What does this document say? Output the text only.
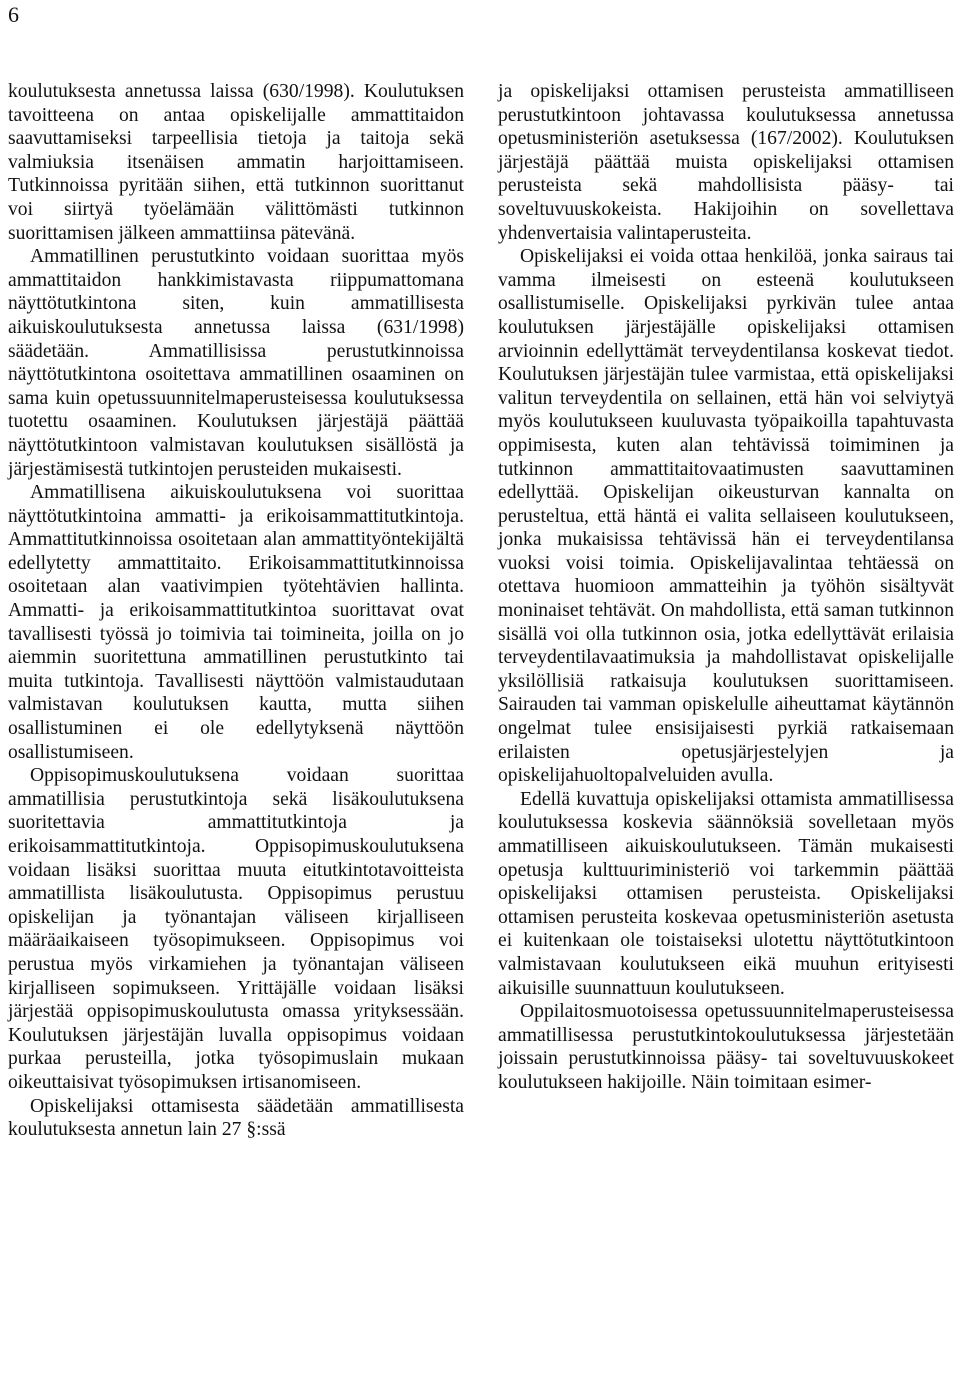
6

koulutuksesta annetussa laissa (630/1998). Koulutuksen tavoitteena on antaa opiskelijalle ammattitaidon saavuttamiseksi tarpeellisia tietoja ja taitoja sekä valmiuksia itsenäisen ammatin harjoittamiseen. Tutkinnoissa pyritään siihen, että tutkinnon suorittanut voi siirtyä työelämään välittömästi tutkinnon suorittamisen jälkeen ammattiinsa pätevänä.

Ammatillinen perustutkinto voidaan suorittaa myös ammattitaidon hankkimistavasta riippumattomana näyttötutkintona siten, kuin ammatillisesta aikuiskoulutuksesta annetussa laissa (631/1998) säädetään. Ammatillisissa perustutkinnoissa näyttötutkintona osoitettava ammatillinen osaaminen on sama kuin opetussuunnitelmaperusteisessa koulutuksessa tuotettu osaaminen. Koulutuksen järjestäjä päättää näyttötutkintoon valmistavan koulutuksen sisällöstä ja järjestämisestä tutkintojen perusteiden mukaisesti.

Ammatillisena aikuiskoulutuksena voi suorittaa näyttötutkintoina ammatti- ja erikoisammattitutkintoja. Ammattitutkinnoissa osoitetaan alan ammattityöntekijältä edellytetty ammattitaito. Erikoisammattitutkinnoissa osoitetaan alan vaativimpien työtehtävien hallinta. Ammatti- ja erikoisammattitutkintoa suorittavat ovat tavallisesti työssä jo toimivia tai toimineita, joilla on jo aiemmin suoritettuna ammatillinen perustutkinto tai muita tutkintoja. Tavallisesti näyttöön valmistaudutaan valmistavan koulutuksen kautta, mutta siihen osallistuminen ei ole edellytyksenä näyttöön osallistumiseen.

Oppisopimuskoulutuksena voidaan suorittaa ammatillisia perustutkintoja sekä lisäkoulutuksena suoritettavia ammattitutkintoja ja erikoisammattitutkintoja. Oppisopimuskoulutuksena voidaan lisäksi suorittaa muuta eitutkintotavoitteista ammatillista lisäkoulutusta. Oppisopimus perustuu opiskelijan ja työnantajan väliseen kirjalliseen määräaikaiseen työsopimukseen. Oppisopimus voi perustua myös virkamiehen ja työnantajan väliseen kirjalliseen sopimukseen. Yrittäjälle voidaan lisäksi järjestää oppisopimuskoulutusta omassa yrityksessään. Koulutuksen järjestäjän luvalla oppisopimus voidaan purkaa perusteilla, jotka työsopimuslain mukaan oikeuttaisivat työsopimuksen irtisanomiseen.

Opiskelijaksi ottamisesta säädetään ammatillisesta koulutuksesta annetun lain 27 §:ssä

ja opiskelijaksi ottamisen perusteista ammatilliseen perustutkintoon johtavassa koulutuksessa annetussa opetusministeriön asetuksessa (167/2002). Koulutuksen järjestäjä päättää muista opiskelijaksi ottamisen perusteista sekä mahdollisista pääsy- tai soveltuvuuskokeista. Hakijoihin on sovellettava yhdenvertaisia valintaperusteita.

Opiskelijaksi ei voida ottaa henkilöä, jonka sairaus tai vamma ilmeisesti on esteenä koulutukseen osallistumiselle. Opiskelijaksi pyrkivän tulee antaa koulutuksen järjestäjälle opiskelijaksi ottamisen arvioinnin edellyttämät terveydentilansa koskevat tiedot. Koulutuksen järjestäjän tulee varmistaa, että opiskelijaksi valitun terveydentila on sellainen, että hän voi selviytyä myös koulutukseen kuuluvasta työpaikoilla tapahtuvasta oppimisesta, kuten alan tehtävissä toimiminen ja tutkinnon ammattitaitovaatimusten saavuttaminen edellyttää. Opiskelijan oikeusturvan kannalta on perusteltua, että häntä ei valita sellaiseen koulutukseen, jonka mukaisissa tehtävissä hän ei terveydentilansa vuoksi voisi toimia. Opiskelijavalintaa tehtäessä on otettava huomioon ammatteihin ja työhön sisältyvät moninaiset tehtävät. On mahdollista, että saman tutkinnon sisällä voi olla tutkinnon osia, jotka edellyttävät erilaisia terveydentilavaatimuksia ja mahdollistavat opiskelijalle yksilöllisiä ratkaisuja koulutuksen suorittamiseen. Sairauden tai vamman opiskelulle aiheuttamat käytännön ongelmat tulee ensisijaisesti pyrkiä ratkaisemaan erilaisten opetusjärjestelyjen ja opiskelijahuoltopalveluiden avulla.

Edellä kuvattuja opiskelijaksi ottamista ammatillisessa koulutuksessa koskevia säännöksiä sovelletaan myös ammatilliseen aikuiskoulutukseen. Tämän mukaisesti opetusja kulttuuriministeriö voi tarkemmin päättää opiskelijaksi ottamisen perusteista. Opiskelijaksi ottamisen perusteita koskevaa opetusministeriön asetusta ei kuitenkaan ole toistaiseksi ulotettu näyttötutkintoon valmistavaan koulutukseen eikä muuhun erityisesti aikuisille suunnattuun koulutukseen.

Oppilaitosmuotoisessa opetussuunnitelmaperusteisessa ammatillisessa perustutkintokoulutuksessa järjestetään joissain perustutkinnoissa pääsy- tai soveltuvuuskokeet koulutukseen hakijoille. Näin toimitaan esimer-
